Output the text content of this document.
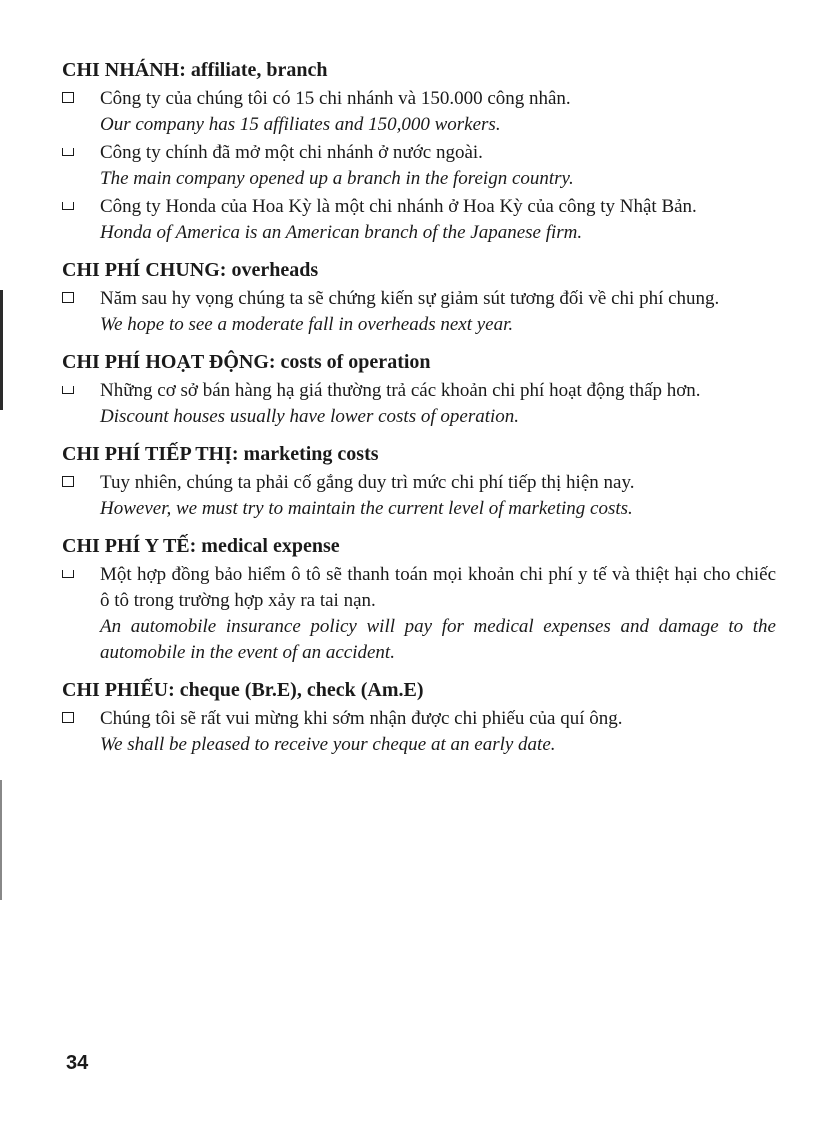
CHI NHÁNH: affiliate, branch
Công ty của chúng tôi có 15 chi nhánh và 150.000 công nhân.
Our company has 15 affiliates and 150,000 workers.
Công ty chính đã mở một chi nhánh ở nước ngoài.
The main company opened up a branch in the foreign country.
Công ty Honda của Hoa Kỳ là một chi nhánh ở Hoa Kỳ của công ty Nhật Bản.
Honda of America is an American branch of the Japanese firm.
CHI PHÍ CHUNG: overheads
Năm sau hy vọng chúng ta sẽ chứng kiến sự giảm sút tương đối về chi phí chung.
We hope to see a moderate fall in overheads next year.
CHI PHÍ HOẠT ĐỘNG: costs of operation
Những cơ sở bán hàng hạ giá thường trả các khoản chi phí hoạt động thấp hơn.
Discount houses usually have lower costs of operation.
CHI PHÍ TIẾP THỊ: marketing costs
Tuy nhiên, chúng ta phải cố gắng duy trì mức chi phí tiếp thị hiện nay.
However, we must try to maintain the current level of marketing costs.
CHI PHÍ Y TẾ: medical expense
Một hợp đồng bảo hiểm ô tô sẽ thanh toán mọi khoản chi phí y tế và thiệt hại cho chiếc ô tô trong trường hợp xảy ra tai nạn.
An automobile insurance policy will pay for medical expenses and damage to the automobile in the event of an accident.
CHI PHIẾU: cheque (Br.E), check (Am.E)
Chúng tôi sẽ rất vui mừng khi sớm nhận được chi phiếu của quí ông.
We shall be pleased to receive your cheque at an early date.
34
